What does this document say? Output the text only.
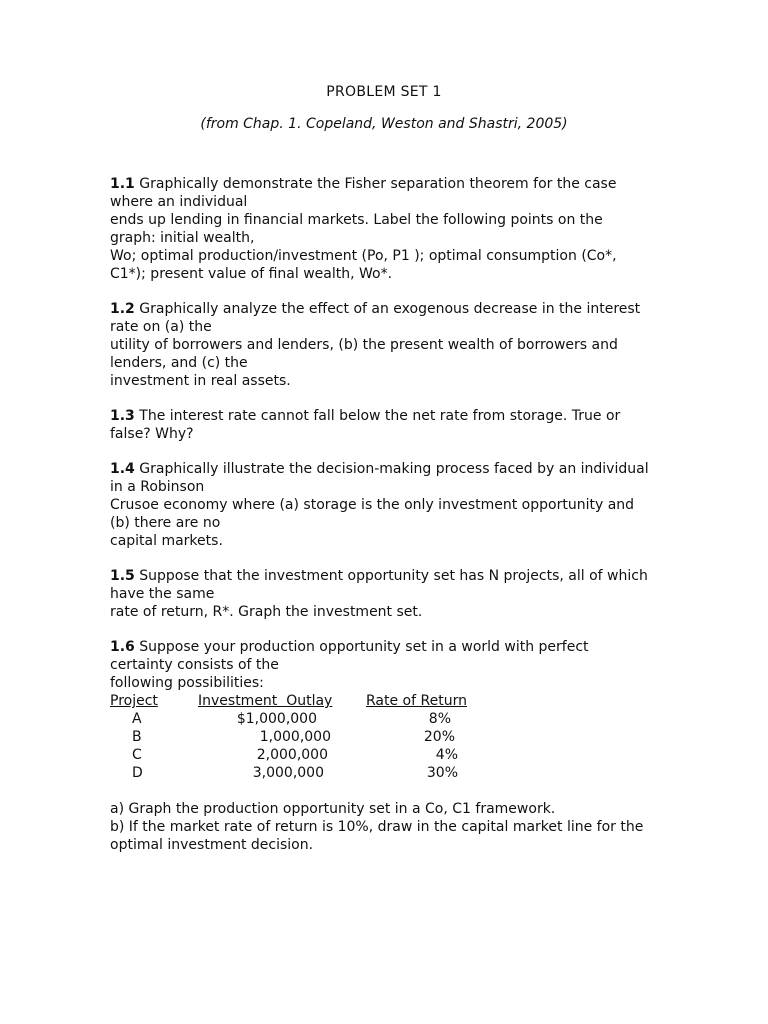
PROBLEM SET 1
(from Chap. 1. Copeland, Weston and Shastri, 2005)
1.1 Graphically demonstrate the Fisher separation theorem for the case
where an individual
ends up lending in financial markets. Label the following points on the
graph: initial wealth,
Wo; optimal production/investment (Po, P1 ); optimal consumption (Co*,
C1*); present value of final wealth, Wo*.
1.2 Graphically analyze the effect of an exogenous decrease in the interest
rate on (a) the
utility of borrowers and lenders, (b) the present wealth of borrowers and
lenders, and (c) the
investment in real assets.
1.3 The interest rate cannot fall below the net rate from storage. True or
false? Why?
1.4 Graphically illustrate the decision-making process faced by an individual
in a Robinson
Crusoe economy where (a) storage is the only investment opportunity and
(b) there are no
capital markets.
1.5 Suppose that the investment opportunity set has N projects, all of which
have the same
rate of return, R*. Graph the investment set.
1.6 Suppose your production opportunity set in a world with perfect
certainty consists of the
following possibilities:
Project	Investment  Outlay Rate of Return
A	$1,000,000	8%
B	1,000,000	20%
C	2,000,000	4%
D	3,000,000	30%
a) Graph the production opportunity set in a Co, C1 framework.
b) If the market rate of return is 10%, draw in the capital market line for the
optimal investment decision.
